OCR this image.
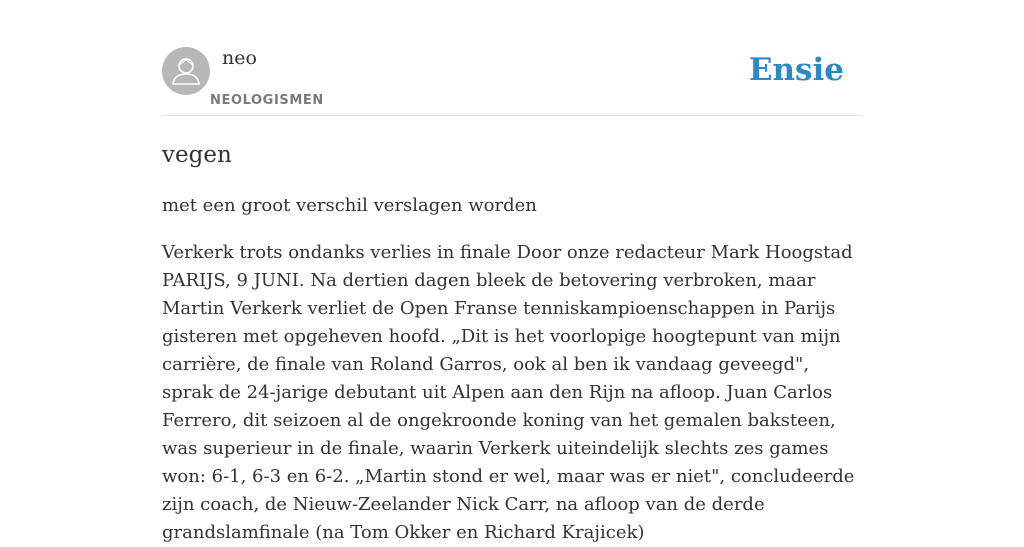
neo
NEOLOGISMEN
Ensie
vegen

met een groot verschil verslagen worden

Verkerk trots ondanks verlies in finale Door onze redacteur Mark Hoogstad PARIJS, 9 JUNI. Na dertien dagen bleek de betovering verbroken, maar Martin Verkerk verliet de Open Franse tenniskampioenschappen in Parijs gisteren met opgeheven hoofd. „Dit is het voorlopige hoogtepunt van mijn carrière, de finale van Roland Garros, ook al ben ik vandaag geveegd", sprak de 24-jarige debutant uit Alpen aan den Rijn na afloop. Juan Carlos Ferrero, dit seizoen al de ongekroonde koning van het gemalen baksteen, was superieur in de finale, waarin Verkerk uiteindelijk slechts zes games won: 6-1, 6-3 en 6-2. „Martin stond er wel, maar was er niet", concludeerde zijn coach, de Nieuw-Zeelander Nick Carr, na afloop van de derde grandslamfinale (na Tom Okker en Richard Krajicek)
